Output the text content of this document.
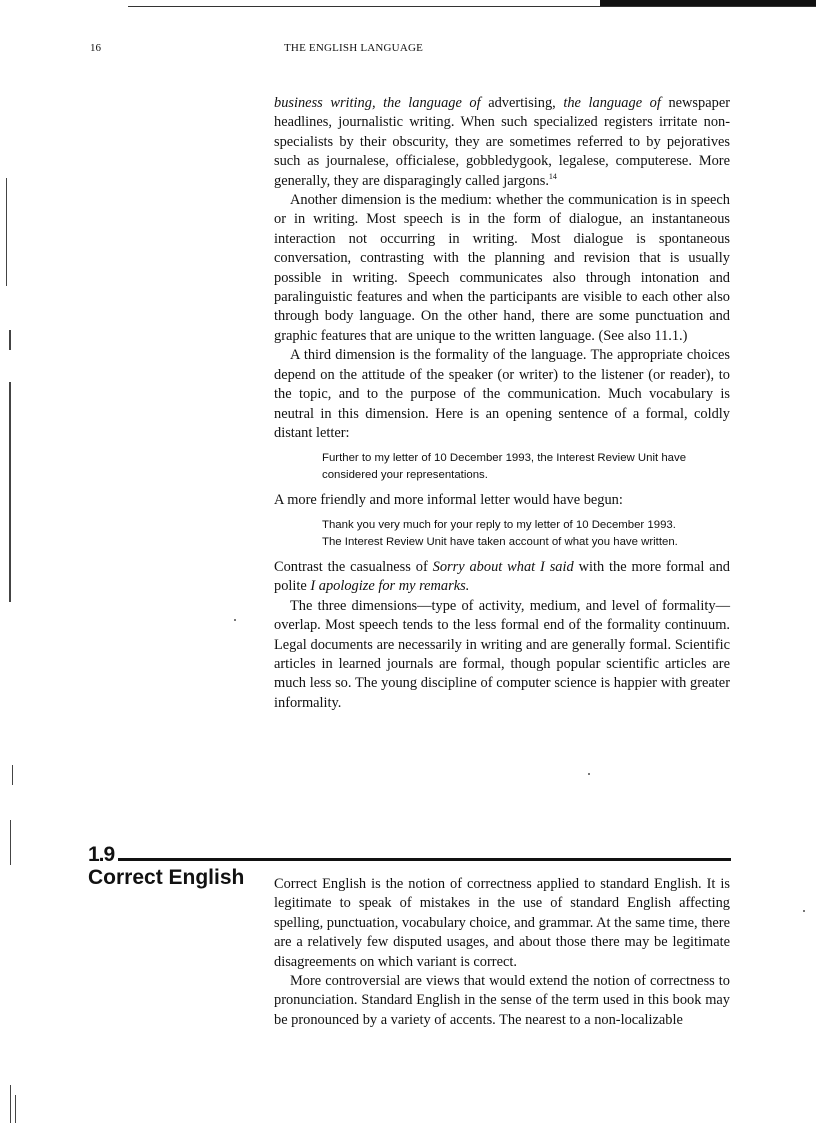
16	THE ENGLISH LANGUAGE

business writing, the language of advertising, the language of newspaper headlines, journalistic writing. When such specialized registers irritate non-specialists by their obscurity, they are sometimes referred to by pejoratives such as journalese, officialese, gobbledygook, legalese, computerese. More generally, they are disparagingly called jargons.$^{14}$

Another dimension is the medium: whether the communication is in speech or in writing. Most speech is in the form of dialogue, an instantaneous interaction not occurring in writing. Most dialogue is spontaneous conversation, contrasting with the planning and revision that is usually possible in writing. Speech communicates also through intonation and paralinguistic features and when the participants are visible to each other also through body language. On the other hand, there are some punctuation and graphic features that are unique to the written language. (See also 11.1.)

A third dimension is the formality of the language. The appropriate choices depend on the attitude of the speaker (or writer) to the listener (or reader), to the topic, and to the purpose of the communication. Much vocabulary is neutral in this dimension. Here is an opening sentence of a formal, coldly distant letter:

Further to my letter of 10 December 1993, the Interest Review Unit have
considered your representations.

A more friendly and more informal letter would have begun:

Thank you very much for your reply to my letter of 10 December 1993.
The Interest Review Unit have taken account of what you have written.

Contrast the casualness of Sorry about what I said with the more formal and polite I apologize for my remarks.

The three dimensions—type of activity, medium, and level of formality—overlap. Most speech tends to the less formal end of the formality continuum. Legal documents are necessarily in writing and are generally formal. Scientific articles in learned journals are formal, though popular scientific articles are much less so. The young discipline of computer science is happier with greater informality.

1.9
Correct English Correct English is the notion of correctness applied to standard English. It is legitimate to speak of mistakes in the use of standard English affecting spelling, punctuation, vocabulary choice, and grammar. At the same time, there are a relatively few disputed usages, and about those there may be legitimate disagreements on which variant is correct.

More controversial are views that would extend the notion of correctness to pronunciation. Standard English in the sense of the term used in this book may be pronounced by a variety of accents. The nearest to a non-localizable
